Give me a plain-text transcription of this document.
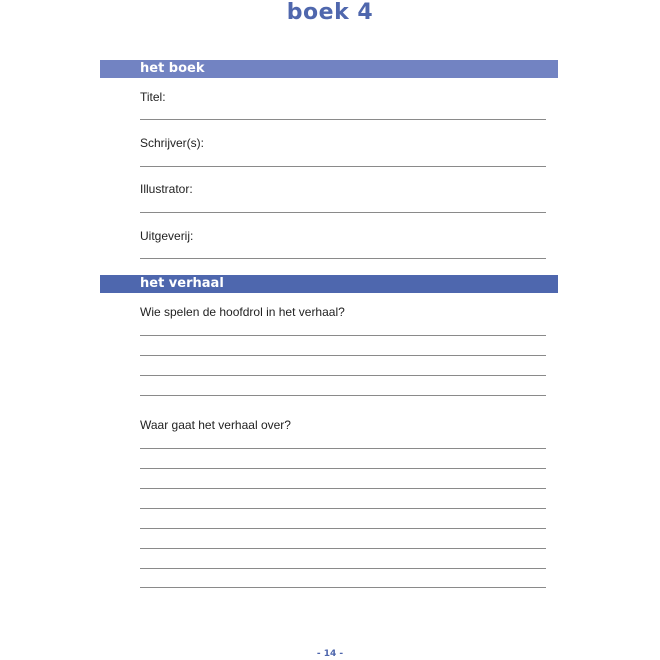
boek 4
het boek
Titel:
Schrijver(s):
Illustrator:
Uitgeverij:
het verhaal
Wie spelen de hoofdrol in het verhaal?
Waar gaat het verhaal over?
- 14 -
